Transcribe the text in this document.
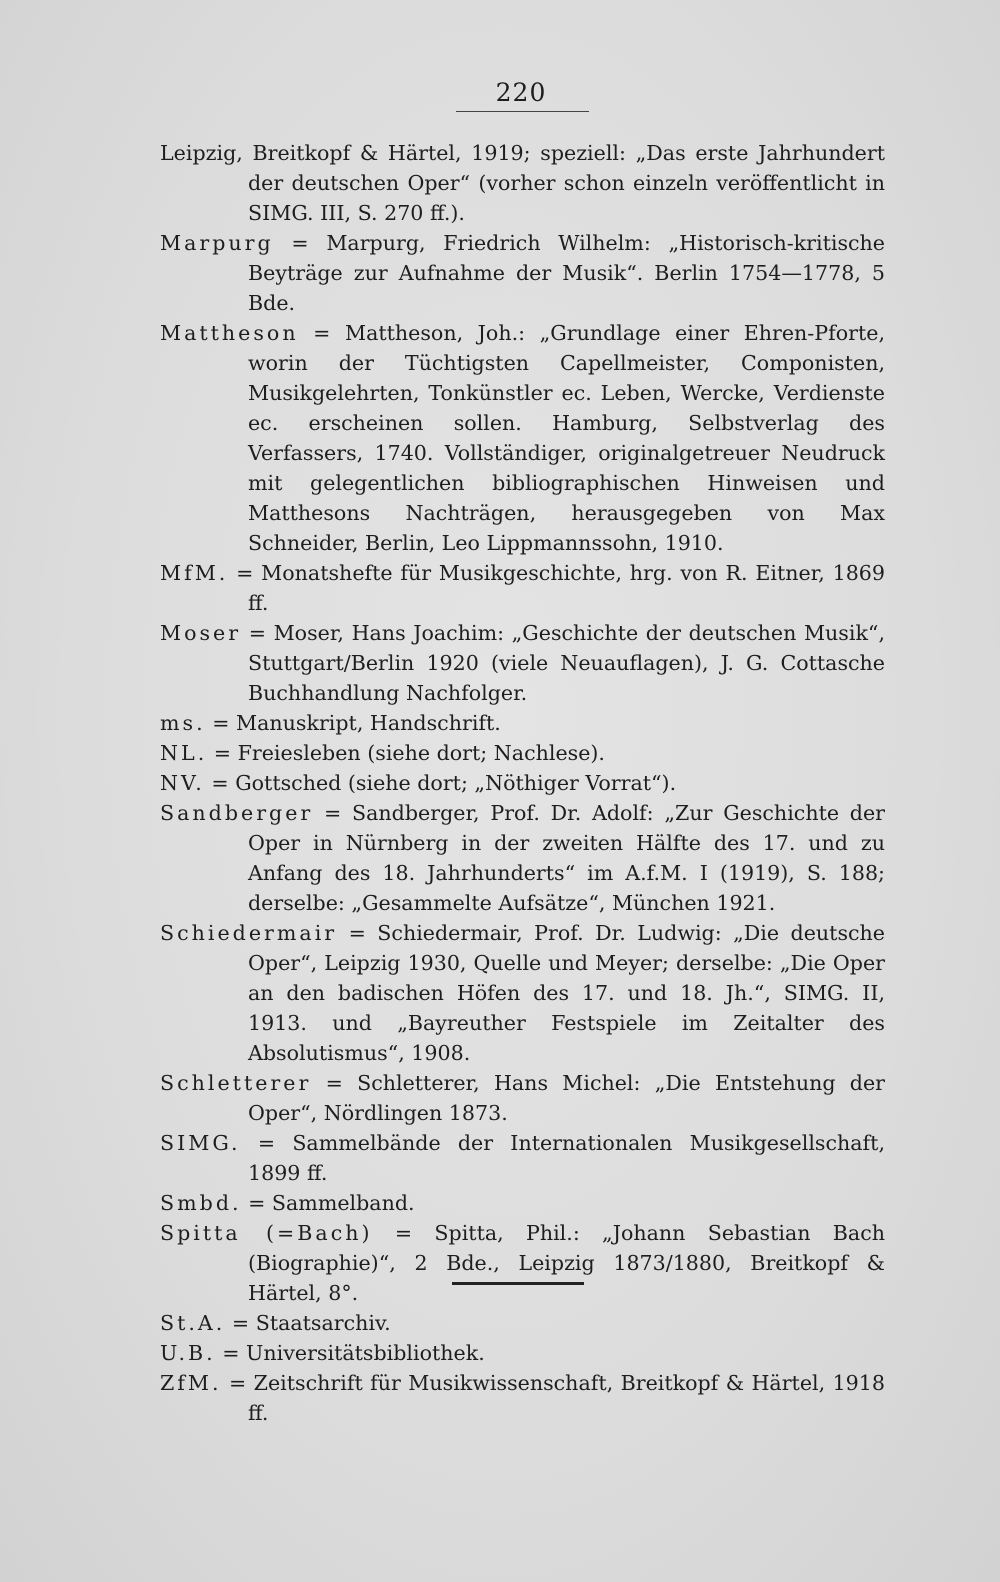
220

Leipzig, Breitkopf & Härtel, 1919; speziell: „Das erste Jahrhundert der deutschen Oper“ (vorher schon einzeln veröffentlicht in SIMG. III, S. 270 ff.).

Marpurg = Marpurg, Friedrich Wilhelm: „Historisch-kritische Beyträge zur Aufnahme der Musik“. Berlin 1754—1778, 5 Bde.

Mattheson = Mattheson, Joh.: „Grundlage einer Ehren-Pforte, worin der Tüchtigsten Capellmeister, Componisten, Musikgelehrten, Tonkünstler ec. Leben, Wercke, Verdienste ec. erscheinen sollen. Hamburg, Selbstverlag des Verfassers, 1740. Vollständiger, originalgetreuer Neudruck mit gelegentlichen bibliographischen Hinweisen und Matthesons Nachträgen, herausgegeben von Max Schneider, Berlin, Leo Lippmannssohn, 1910.

MfM. = Monatshefte für Musikgeschichte, hrg. von R. Eitner, 1869 ff.

Moser = Moser, Hans Joachim: „Geschichte der deutschen Musik“, Stuttgart/Berlin 1920 (viele Neuauflagen), J. G. Cottasche Buchhandlung Nachfolger.

ms. = Manuskript, Handschrift.

NL. = Freiesleben (siehe dort; Nachlese).

NV. = Gottsched (siehe dort; „Nöthiger Vorrat“).

Sandberger = Sandberger, Prof. Dr. Adolf: „Zur Geschichte der Oper in Nürnberg in der zweiten Hälfte des 17. und zu Anfang des 18. Jahrhunderts“ im A.f.M. I (1919), S. 188; derselbe: „Gesammelte Aufsätze“, München 1921.

Schiedermair = Schiedermair, Prof. Dr. Ludwig: „Die deutsche Oper“, Leipzig 1930, Quelle und Meyer; derselbe: „Die Oper an den badischen Höfen des 17. und 18. Jh.“, SIMG. II, 1913. und „Bayreuther Festspiele im Zeitalter des Absolutismus“, 1908.

Schletterer = Schletterer, Hans Michel: „Die Entstehung der Oper“, Nördlingen 1873.

SIMG. = Sammelbände der Internationalen Musikgesellschaft, 1899 ff.

Smbd. = Sammelband.

Spitta (=Bach) = Spitta, Phil.: „Johann Sebastian Bach (Biographie)“, 2 Bde., Leipzig 1873/1880, Breitkopf & Härtel, 8°.

St.A. = Staatsarchiv.

U.B. = Universitätsbibliothek.

ZfM. = Zeitschrift für Musikwissenschaft, Breitkopf & Härtel, 1918 ff.
